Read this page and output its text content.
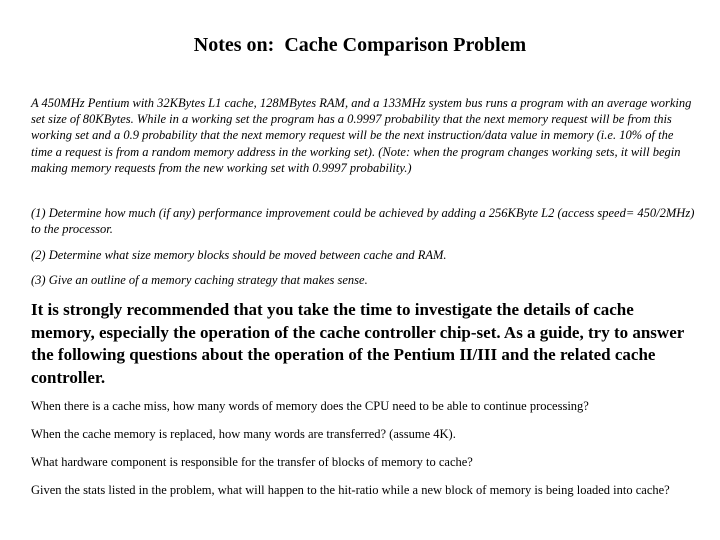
Notes on:  Cache Comparison Problem
A 450MHz Pentium with 32KBytes L1 cache, 128MBytes RAM, and a 133MHz system bus runs a program with an average working set size of 80KBytes. While in a working set the program has a 0.9997 probability that the next memory request will be from this working set and a 0.9 probability that the next memory request will be the next instruction/data value in memory (i.e. 10% of the time a request is from a random memory address in the working set). (Note: when the program changes working sets, it will begin making memory requests from the new working set with 0.9997 probability.)
(1) Determine how much (if any) performance improvement could be achieved by adding a 256KByte L2 (access speed= 450/2MHz) to the processor.
(2) Determine what size memory blocks should be moved between cache and RAM.
(3) Give an outline of a memory caching strategy that makes sense.
It is strongly recommended that you take the time to investigate the details of cache memory, especially the operation of the cache controller chip-set. As a guide, try to answer the following questions about the operation of the Pentium II/III and the related cache controller.
When there is a cache miss, how many words of memory does the CPU need to be able to continue processing?
When the cache memory is replaced, how many words are transferred? (assume 4K).
What hardware component is responsible for the transfer of blocks of memory to cache?
Given the stats listed in the problem, what will happen to the hit-ratio while a new block of memory is being loaded into cache?
